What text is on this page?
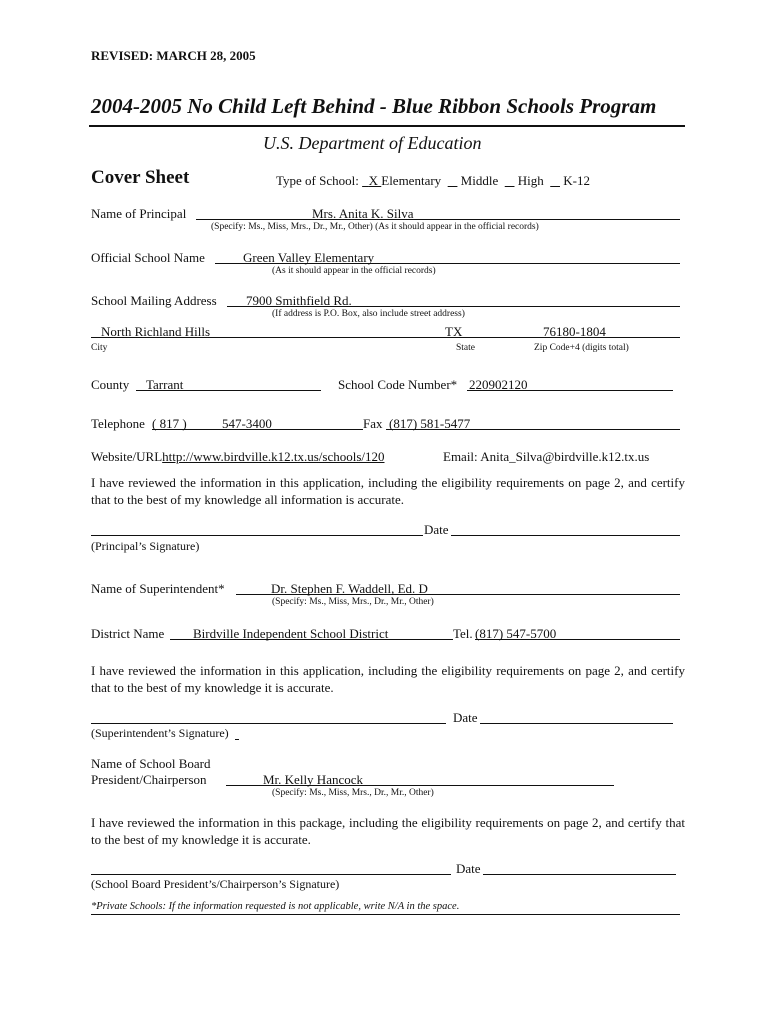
REVISED: MARCH 28, 2005
2004-2005 No Child Left Behind - Blue Ribbon Schools Program
U.S. Department of Education
Cover Sheet	Type of School: X Elementary Middle High K-12
Name of Principal	Mrs. Anita K. Silva
(Specify: Ms., Miss, Mrs., Dr., Mr., Other) (As it should appear in the official records)
Official School Name	Green Valley Elementary
(As it should appear in the official records)
School Mailing Address 7900 Smithfield Rd.
(If address is P.O. Box, also include street address)
North Richland Hills	TX	76180-1804
City	State	Zip Code+4 (digits total)
County Tarrant	School Code Number* 220902120
Telephone ( 817 )	547-3400	Fax (817) 581-5477
Website/URLhttp://www.birdville.k12.tx.us/schools/120	Email: Anita_Silva@birdville.k12.tx.us
I have reviewed the information in this application, including the eligibility requirements on page 2, and certify that to the best of my knowledge all information is accurate.
Date
(Principal’s Signature)
Name of Superintendent*	Dr. Stephen F. Waddell, Ed. D
(Specify: Ms., Miss, Mrs., Dr., Mr., Other)
District Name Birdville Independent School District	Tel. (817) 547-5700
I have reviewed the information in this application, including the eligibility requirements on page 2, and certify that to the best of my knowledge it is accurate.
Date
(Superintendent’s Signature)
Name of School Board
President/Chairperson	Mr. Kelly Hancock
(Specify: Ms., Miss, Mrs., Dr., Mr., Other)
I have reviewed the information in this package, including the eligibility requirements on page 2, and certify that to the best of my knowledge it is accurate.
Date
(School Board President’s/Chairperson’s Signature)
*Private Schools: If the information requested is not applicable, write N/A in the space.
